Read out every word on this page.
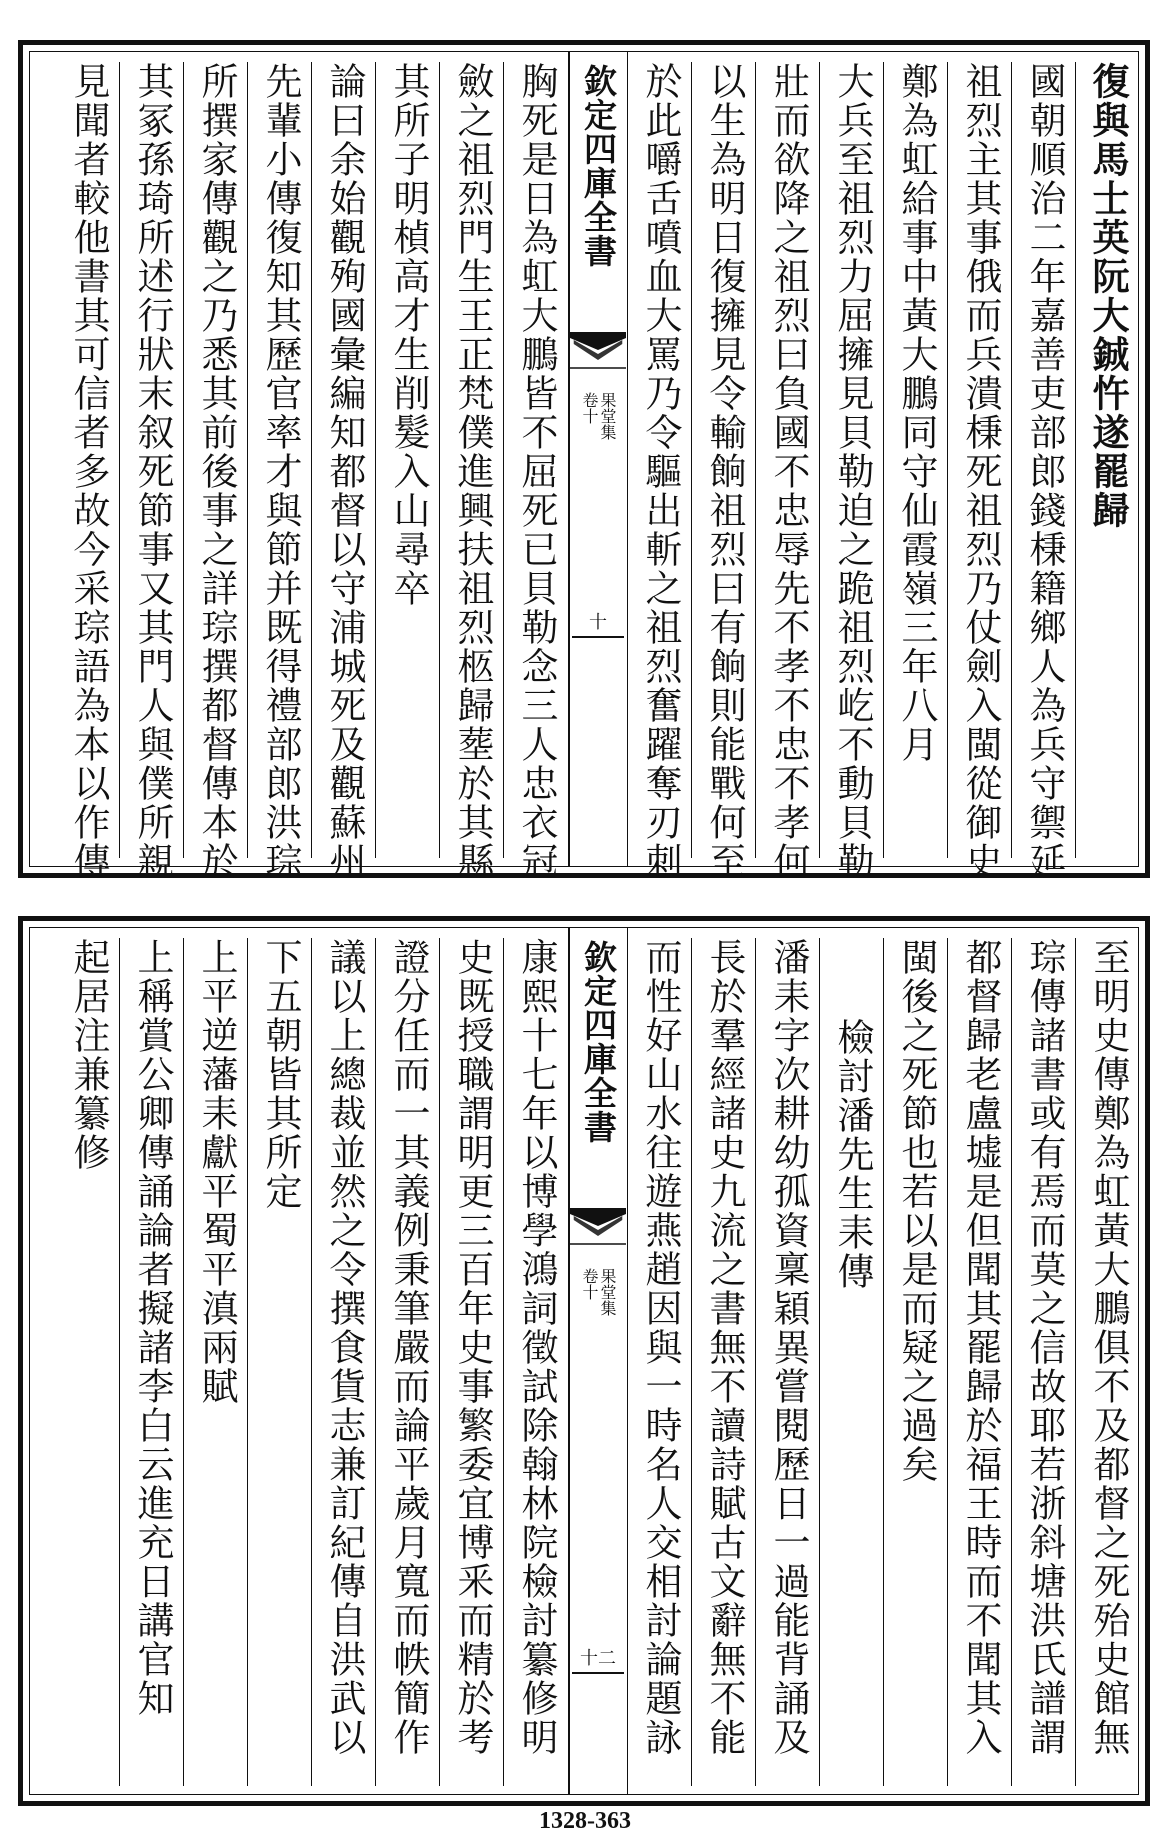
復與馬士英阮大鋮忤遂罷歸
國朝順治二年嘉善吏部郎錢棅籍鄉人為兵守禦延
祖烈主其事俄而兵潰棅死祖烈乃仗劍入閩從御史
鄭為虹給事中黃大鵬同守仙霞嶺三年八月
大兵至祖烈力屈擁見貝勒迫之跪祖烈屹不動貝勒
壯而欲降之祖烈曰負國不忠辱先不孝不忠不孝何
以生為明日復擁見令輸餉祖烈曰有餉則能戰何至
於此嚼舌噴血大罵乃令驅出斬之祖烈奮躍奪刃刺
欽定四庫全書
果堂集
卷十
十
胸死是日為虹大鵬皆不屈死已貝勒念三人忠衣冠
斂之祖烈門生王正梵僕進興扶祖烈柩歸塟於其縣
其所子明楨高才生削髮入山尋卒
論曰余始觀殉國彙編知都督以守浦城死及觀蘇州
先輩小傳復知其歷官率才與節并既得禮部郎洪琮
所撰家傳觀之乃悉其前後事之詳琮撰都督傳本於
其冢孫琦所述行狀末叙死節事又其門人與僕所親
見聞者較他書其可信者多故今采琮語為本以作傳
至明史傳鄭為虹黃大鵬俱不及都督之死殆史館無
琮傳諸書或有焉而莫之信故耶若浙斜塘洪氏譜謂
都督歸老盧墟是但聞其罷歸於福王時而不聞其入
閩後之死節也若以是而疑之過矣
檢討潘先生耒傳
潘耒字次耕幼孤資稟穎異嘗閱歷日一過能背誦及
長於羣經諸史九流之書無不讀詩賦古文辭無不能
而性好山水往遊燕趙因與一時名人交相討論題詠
欽定四庫全書
果堂集
卷十
十二
康熙十七年以博學鴻詞徵試除翰林院檢討纂修明
史既授職謂明更三百年史事繁委宜博釆而精於考
證分任而一其義例秉筆嚴而論平歲月寬而帙簡作
議以上總裁並然之令撰食貨志兼訂紀傳自洪武以
下五朝皆其所定
上平逆藩耒獻平蜀平滇兩賦
上稱賞公卿傳誦論者擬諸李白云進充日講官知
起居注兼纂修
1328-363
